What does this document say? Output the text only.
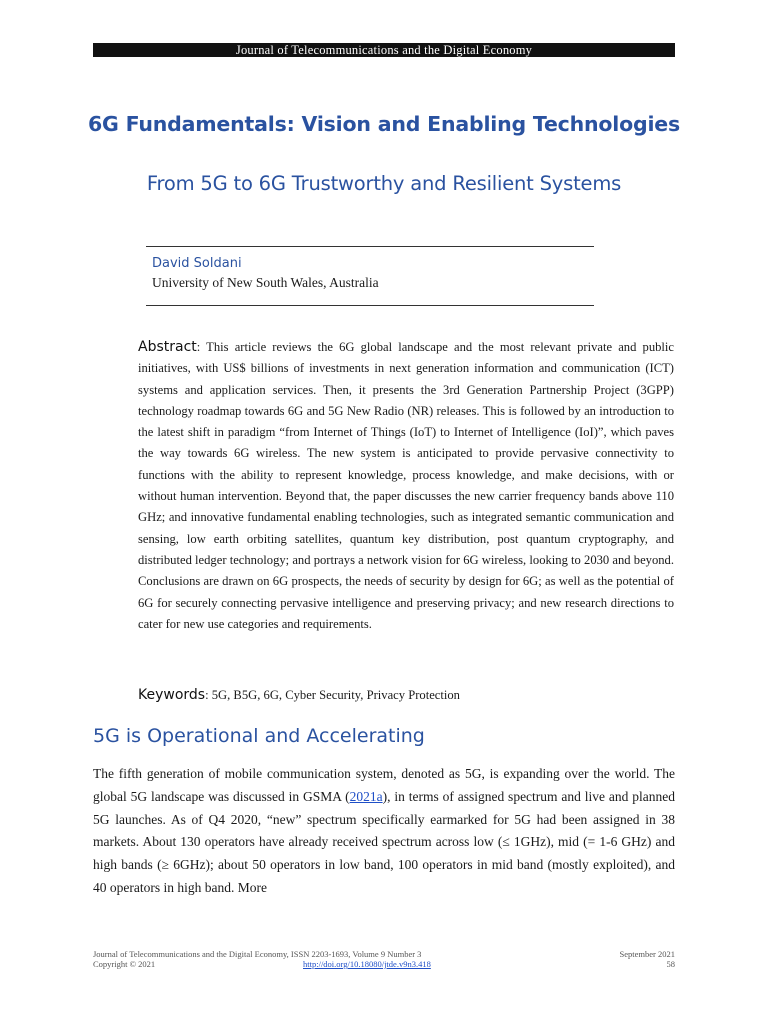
Journal of Telecommunications and the Digital Economy
6G Fundamentals: Vision and Enabling Technologies
From 5G to 6G Trustworthy and Resilient Systems
David Soldani
University of New South Wales, Australia

Abstract: This article reviews the 6G global landscape and the most relevant private and public initiatives, with US$ billions of investments in next generation information and communication (ICT) systems and application services. Then, it presents the 3rd Generation Partnership Project (3GPP) technology roadmap towards 6G and 5G New Radio (NR) releases. This is followed by an introduction to the latest shift in paradigm “from Internet of Things (IoT) to Internet of Intelligence (IoI)”, which paves the way towards 6G wireless. The new system is anticipated to provide pervasive connectivity to functions with the ability to represent knowledge, process knowledge, and make decisions, with or without human intervention. Beyond that, the paper discusses the new carrier frequency bands above 110 GHz; and innovative fundamental enabling technologies, such as integrated semantic communication and sensing, low earth orbiting satellites, quantum key distribution, post quantum cryptography, and distributed ledger technology; and portrays a network vision for 6G wireless, looking to 2030 and beyond. Conclusions are drawn on 6G prospects, the needs of security by design for 6G; as well as the potential of 6G for securely connecting pervasive intelligence and preserving privacy; and new research directions to cater for new use categories and requirements.

Keywords: 5G, B5G, 6G, Cyber Security, Privacy Protection
5G is Operational and Accelerating

The fifth generation of mobile communication system, denoted as 5G, is expanding over the world. The global 5G landscape was discussed in GSMA (2021a), in terms of assigned spectrum and live and planned 5G launches. As of Q4 2020, “new” spectrum specifically earmarked for 5G had been assigned in 38 markets. About 130 operators have already received spectrum across low (≤ 1GHz), mid (= 1-6 GHz) and high bands (≥ 6GHz); about 50 operators in low band, 100 operators in mid band (mostly exploited), and 40 operators in high band. More

Journal of Telecommunications and the Digital Economy, ISSN 2203-1693, Volume 9 Number 3
Copyright © 2021	http://doi.org/10.18080/jtde.v9n3.418
September 2021
58
